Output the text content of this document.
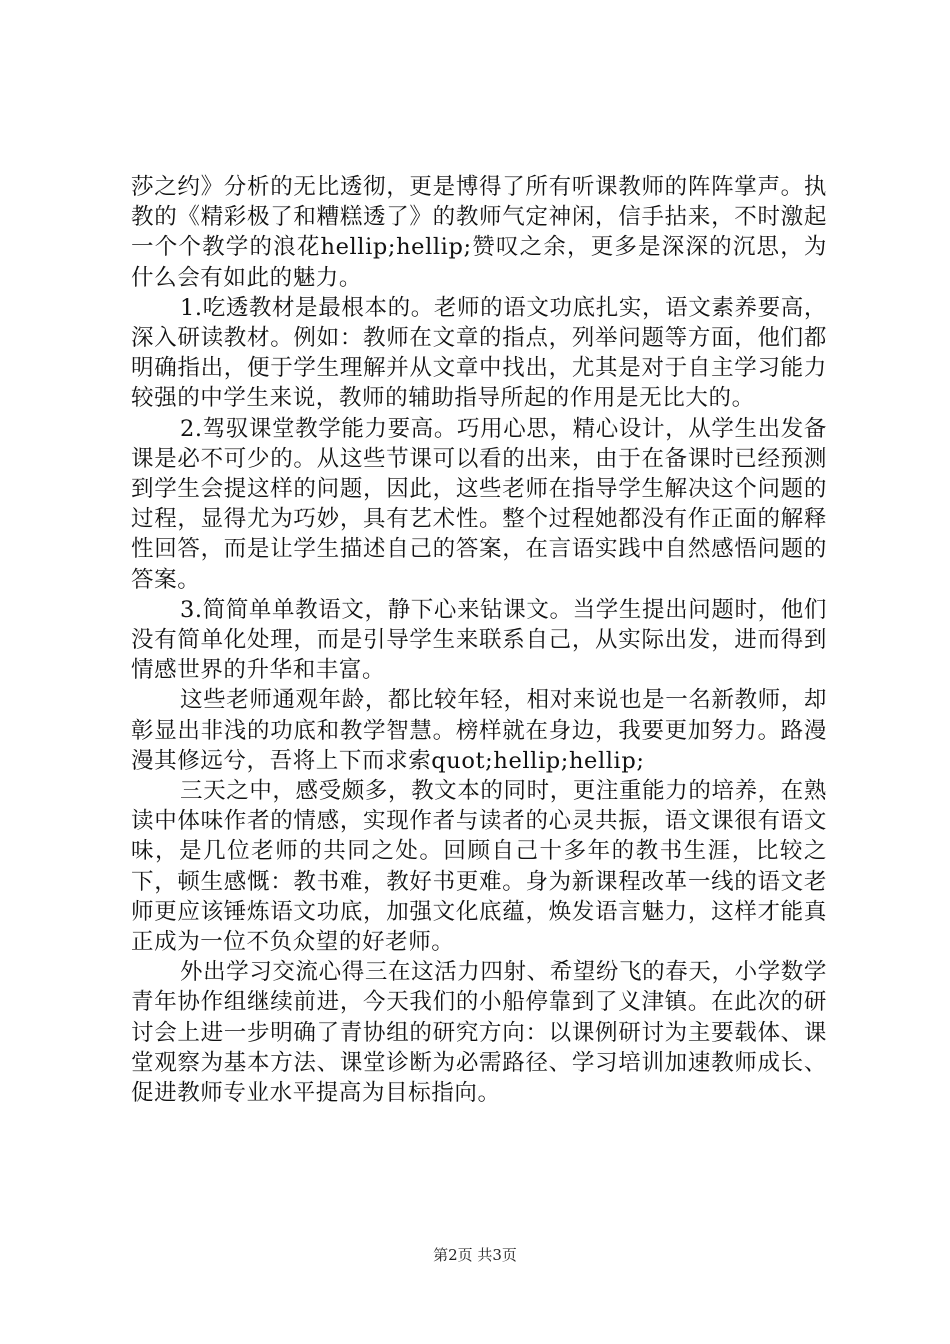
莎之约》分析的无比透彻，更是博得了所有听课教师的阵阵掌声。执教的《精彩极了和糟糕透了》的教师气定神闲，信手拈来，不时激起一个个教学的浪花hellip;hellip;赞叹之余，更多是深深的沉思，为什么会有如此的魅力。

1.吃透教材是最根本的。老师的语文功底扎实，语文素养要高，深入研读教材。例如：教师在文章的指点，列举问题等方面，他们都明确指出，便于学生理解并从文章中找出，尤其是对于自主学习能力较强的中学生来说，教师的辅助指导所起的作用是无比大的。

2.驾驭课堂教学能力要高。巧用心思，精心设计，从学生出发备课是必不可少的。从这些节课可以看的出来，由于在备课时已经预测到学生会提这样的问题，因此，这些老师在指导学生解决这个问题的过程，显得尤为巧妙，具有艺术性。整个过程她都没有作正面的解释性回答，而是让学生描述自己的答案，在言语实践中自然感悟问题的答案。

3.简简单单教语文，静下心来钻课文。当学生提出问题时，他们没有简单化处理，而是引导学生来联系自己，从实际出发，进而得到情感世界的升华和丰富。

这些老师通观年龄，都比较年轻，相对来说也是一名新教师，却彰显出非浅的功底和教学智慧。榜样就在身边，我要更加努力。路漫漫其修远兮，吾将上下而求索quot;hellip;hellip;

三天之中，感受颇多，教文本的同时，更注重能力的培养，在熟读中体味作者的情感，实现作者与读者的心灵共振，语文课很有语文味，是几位老师的共同之处。回顾自己十多年的教书生涯，比较之下，顿生感慨：教书难，教好书更难。身为新课程改革一线的语文老师更应该锤炼语文功底，加强文化底蕴，焕发语言魅力，这样才能真正成为一位不负众望的好老师。

外出学习交流心得三在这活力四射、希望纷飞的春天，小学数学青年协作组继续前进，今天我们的小船停靠到了义津镇。在此次的研讨会上进一步明确了青协组的研究方向：以课例研讨为主要载体、课堂观察为基本方法、课堂诊断为必需路径、学习培训加速教师成长、促进教师专业水平提高为目标指向。

第2页 共3页
